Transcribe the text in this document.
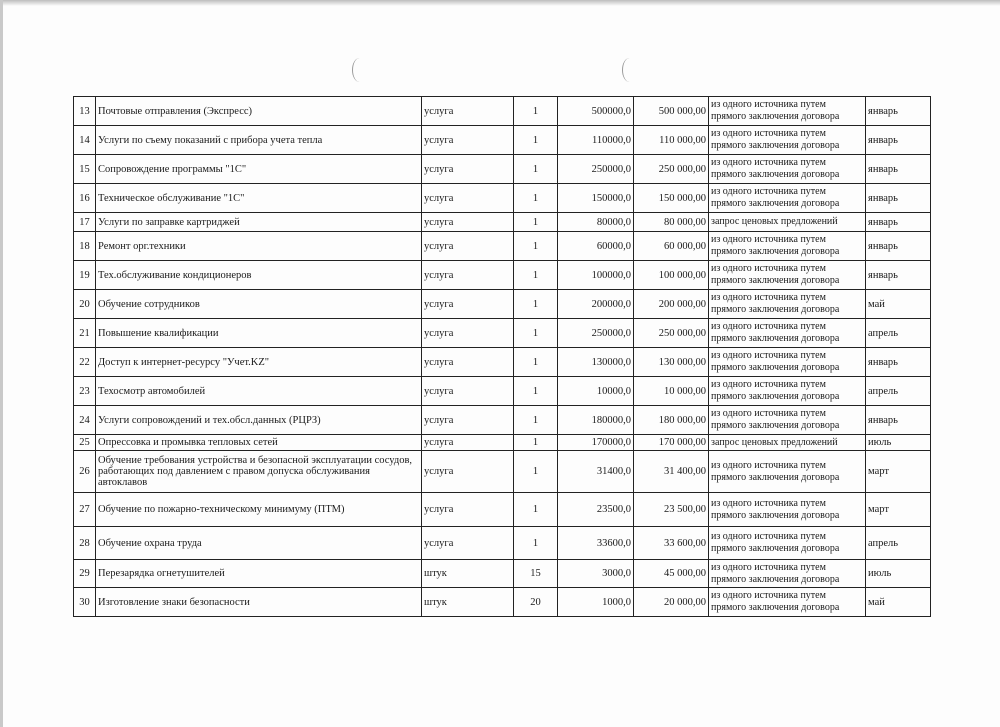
13	Почтовые отправления (Экспресс)	услуга	1	500000,0	500 000,00	из одного источника путем прямого заключения договора	январь
14	Услуги по съему показаний с прибора учета тепла	услуга	1	110000,0	110 000,00	из одного источника путем прямого заключения договора	январь
15	Сопровождение программы "1С"	услуга	1	250000,0	250 000,00	из одного источника путем прямого заключения договора	январь
16	Техническое обслуживание "1С"	услуга	1	150000,0	150 000,00	из одного источника путем прямого заключения договора	январь
17	Услуги по заправке картриджей	услуга	1	80000,0	80 000,00	запрос ценовых предложений	январь
18	Ремонт орг.техники	услуга	1	60000,0	60 000,00	из одного источника путем прямого заключения договора	январь
19	Тех.обслуживание кондиционеров	услуга	1	100000,0	100 000,00	из одного источника путем прямого заключения договора	январь
20	Обучение сотрудников	услуга	1	200000,0	200 000,00	из одного источника путем прямого заключения договора	май
21	Повышение квалификации	услуга	1	250000,0	250 000,00	из одного источника путем прямого заключения договора	апрель
22	Доступ к интернет-ресурсу "Учет.KZ"	услуга	1	130000,0	130 000,00	из одного источника путем прямого заключения договора	январь
23	Техосмотр автомобилей	услуга	1	10000,0	10 000,00	из одного источника путем прямого заключения договора	апрель
24	Услуги сопровождений и тех.обсл.данных (РЦРЗ)	услуга	1	180000,0	180 000,00	из одного источника путем прямого заключения договора	январь
25	Опрессовка и промывка тепловых сетей	услуга	1	170000,0	170 000,00	запрос ценовых предложений	июль
26	Обучение требования устройства и безопасной эксплуатации сосудов, работающих под давлением с правом допуска обслуживания автоклавов	услуга	1	31400,0	31 400,00	из одного источника путем прямого заключения договора	март
27	Обучение по пожарно-техническому минимуму (ПТМ)	услуга	1	23500,0	23 500,00	из одного источника путем прямого заключения договора	март
28	Обучение охрана труда	услуга	1	33600,0	33 600,00	из одного источника путем прямого заключения договора	апрель
29	Перезарядка огнетушителей	штук	15	3000,0	45 000,00	из одного источника путем прямого заключения договора	июль
30	Изготовление знаки безопасности	штук	20	1000,0	20 000,00	из одного источника путем прямого заключения договора	май
